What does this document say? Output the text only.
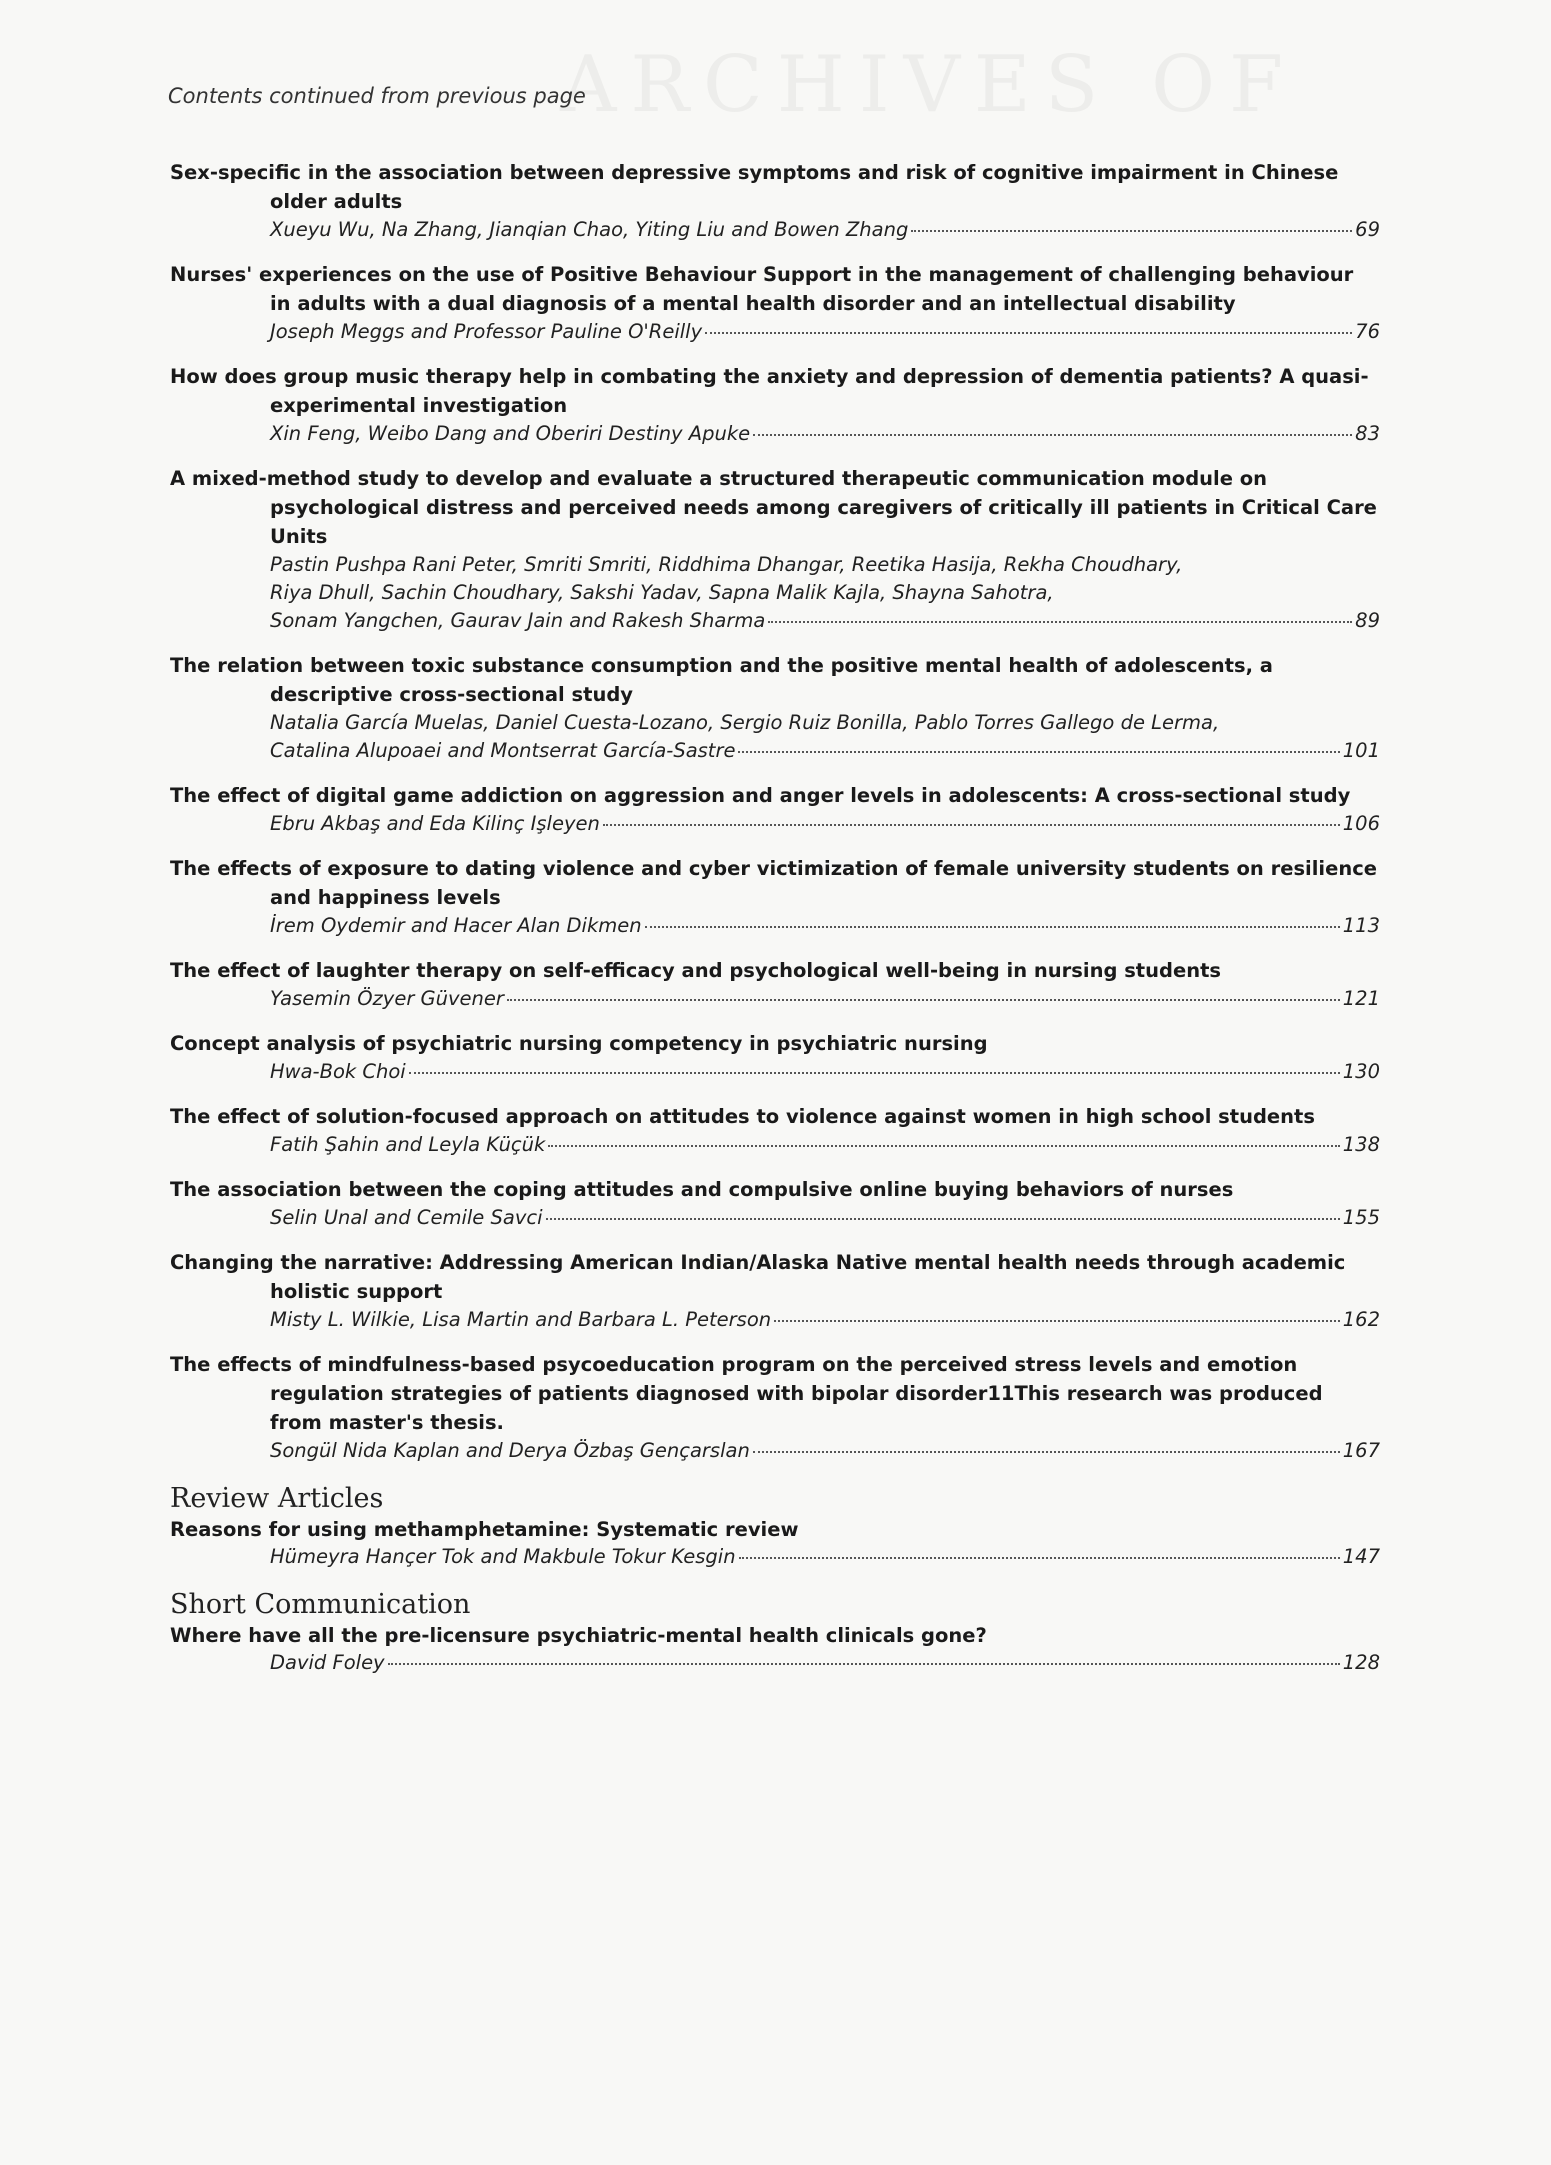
ARCHIVES OF
Contents continued from previous page
Sex-specific in the association between depressive symptoms and risk of cognitive impairment in Chinese older adults
Xueyu Wu, Na Zhang, Jianqian Chao, Yiting Liu and Bowen Zhang	69
Nurses' experiences on the use of Positive Behaviour Support in the management of challenging behaviour in adults with a dual diagnosis of a mental health disorder and an intellectual disability
Joseph Meggs and Professor Pauline O'Reilly	76
How does group music therapy help in combating the anxiety and depression of dementia patients? A quasi-experimental investigation
Xin Feng, Weibo Dang and Oberiri Destiny Apuke	83
A mixed-method study to develop and evaluate a structured therapeutic communication module on psychological distress and perceived needs among caregivers of critically ill patients in Critical Care Units
Pastin Pushpa Rani Peter, Smriti Smriti, Riddhima Dhangar, Reetika Hasija, Rekha Choudhary,
Riya Dhull, Sachin Choudhary, Sakshi Yadav, Sapna Malik Kajla, Shayna Sahotra,
Sonam Yangchen, Gaurav Jain and Rakesh Sharma	89
The relation between toxic substance consumption and the positive mental health of adolescents, a descriptive cross-sectional study
Natalia García Muelas, Daniel Cuesta-Lozano, Sergio Ruiz Bonilla, Pablo Torres Gallego de Lerma,
Catalina Alupoaei and Montserrat García-Sastre	101
The effect of digital game addiction on aggression and anger levels in adolescents: A cross-sectional study
Ebru Akbaş and Eda Kilinç Işleyen	106
The effects of exposure to dating violence and cyber victimization of female university students on resilience and happiness levels
İrem Oydemir and Hacer Alan Dikmen	113
The effect of laughter therapy on self-efficacy and psychological well-being in nursing students
Yasemin Özyer Güvener	121
Concept analysis of psychiatric nursing competency in psychiatric nursing
Hwa-Bok Choi	130
The effect of solution-focused approach on attitudes to violence against women in high school students
Fatih Şahin and Leyla Küçük	138
The association between the coping attitudes and compulsive online buying behaviors of nurses
Selin Unal and Cemile Savci	155
Changing the narrative: Addressing American Indian/Alaska Native mental health needs through academic holistic support
Misty L. Wilkie, Lisa Martin and Barbara L. Peterson	162
The effects of mindfulness-based psycoeducation program on the perceived stress levels and emotion regulation strategies of patients diagnosed with bipolar disorder11This research was produced from master's thesis.
Songül Nida Kaplan and Derya Özbaş Gençarslan	167
Review Articles
Reasons for using methamphetamine: Systematic review
Hümeyra Hançer Tok and Makbule Tokur Kesgin	147
Short Communication
Where have all the pre-licensure psychiatric-mental health clinicals gone?
David Foley	128
